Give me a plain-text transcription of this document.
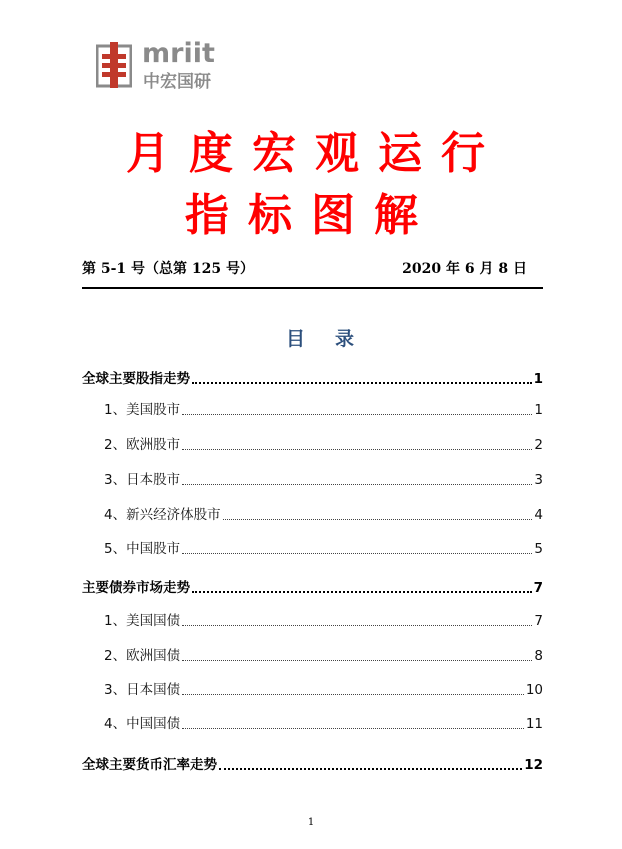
mriit
中宏国研
月度宏观运行
指标图解
第 5-1 号（总第 125 号）	2020 年 6 月 8 日
目录
全球主要股指走势	1
1、美国股市	1
2、欧洲股市	2
3、日本股市	3
4、新兴经济体股市	4
5、中国股市	5
主要债券市场走势	7
1、美国国债	7
2、欧洲国债	8
3、日本国债	10
4、中国国债	11
全球主要货币汇率走势	12
1
